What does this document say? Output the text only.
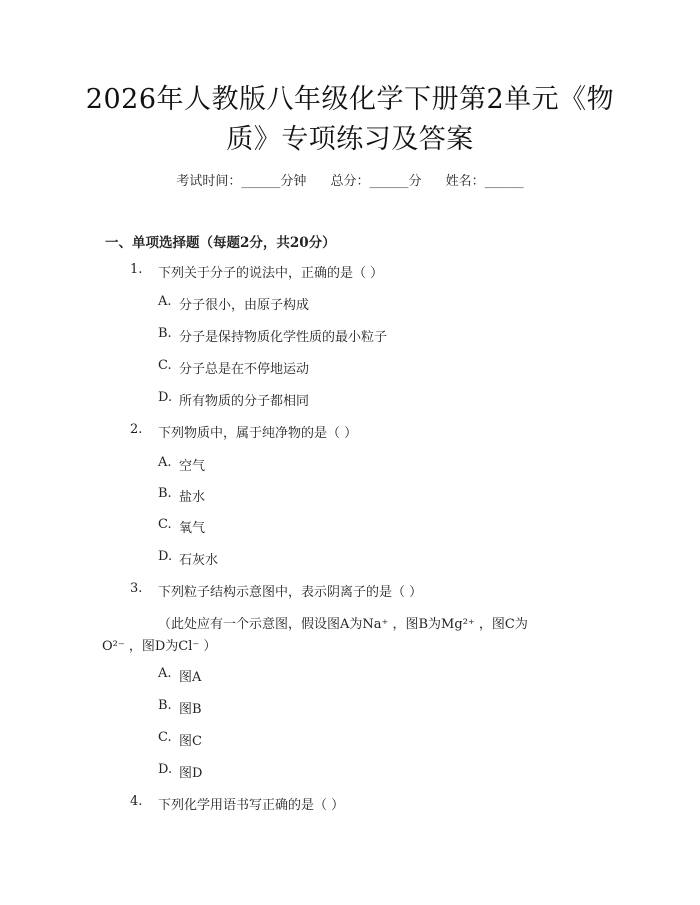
2026年人教版八年级化学下册第2单元《物
质》专项练习及答案
考试时间：______分钟 总分：______分 姓名：______
一、单项选择题（每题2分，共20分）
1. 下列关于分子的说法中，正确的是（ ）
A. 分子很小，由原子构成
B. 分子是保持物质化学性质的最小粒子
C. 分子总是在不停地运动
D. 所有物质的分子都相同
2. 下列物质中，属于纯净物的是（ ）
A. 空气
B. 盐水
C. 氧气
D. 石灰水
3. 下列粒子结构示意图中，表示阴离子的是（ ）
（此处应有一个示意图，假设图A为Na⁺ ，图B为Mg²⁺ ，图C为
O²⁻ ，图D为Cl⁻ ）
A. 图A
B. 图B
C. 图C
D. 图D
4. 下列化学用语书写正确的是（ ）
